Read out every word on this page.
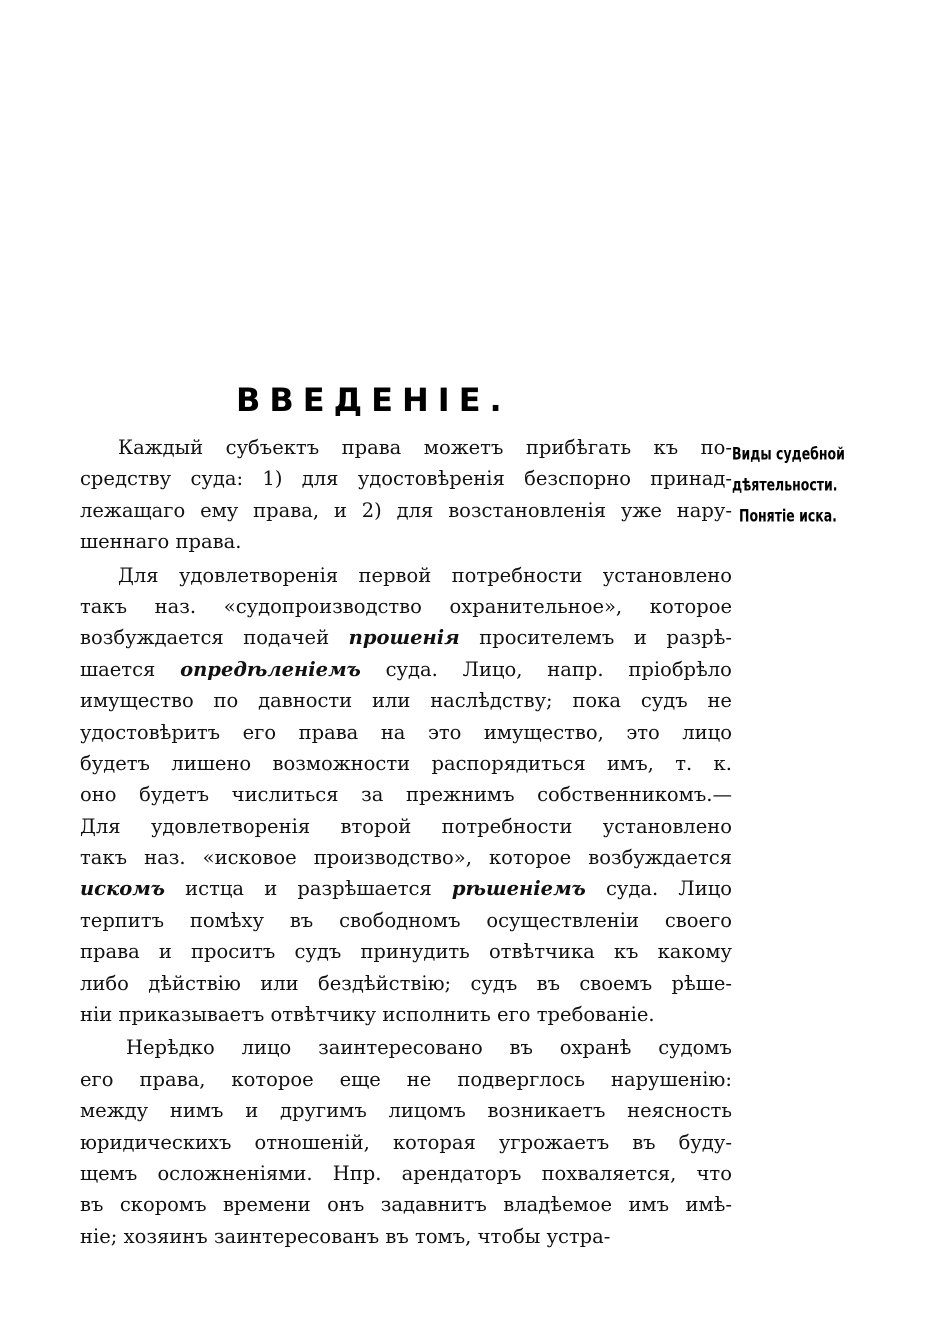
ВВЕДЕНІЕ.
Виды судебной
дѣятельности.
Понятіе иска.
Каждый субъектъ права можетъ прибѣгать къ по-
средству суда: 1) для удостовѣренія безспорно принад-
лежащаго ему права, и 2) для возстановленія уже нару-
шеннаго права.
Для удовлетворенія первой потребности установлено
такъ наз. «судопроизводство охранительное», которое
возбуждается подачей прошенія просителемъ и разрѣ-
шается опредѣленіемъ суда. Лицо, напр. пріобрѣло
имущество по давности или наслѣдству; пока судъ не
удостовѣритъ его права на это имущество, это лицо
будетъ лишено возможности распорядиться имъ, т. к.
оно будетъ числиться за прежнимъ собственникомъ.—
Для удовлетворенія второй потребности установлено
такъ наз. «исковое производство», которое возбуждается
искомъ истца и разрѣшается рѣшеніемъ суда. Лицо
терпитъ помѣху въ свободномъ осуществленіи своего
права и проситъ судъ принудить отвѣтчика къ какому
либо дѣйствію или бездѣйствію; судъ въ своемъ рѣше-
ніи приказываетъ отвѣтчику исполнить его требованіе.
Нерѣдко лицо заинтересовано въ охранѣ судомъ
его права, которое еще не подверглось нарушенію:
между нимъ и другимъ лицомъ возникаетъ неясность
юридическихъ отношеній, которая угрожаетъ въ буду-
щемъ осложненіями. Нпр. арендаторъ похваляется, что
въ скоромъ времени онъ задавнитъ владѣемое имъ имѣ-
ніе; хозяинъ заинтересованъ въ томъ, чтобы устра-
